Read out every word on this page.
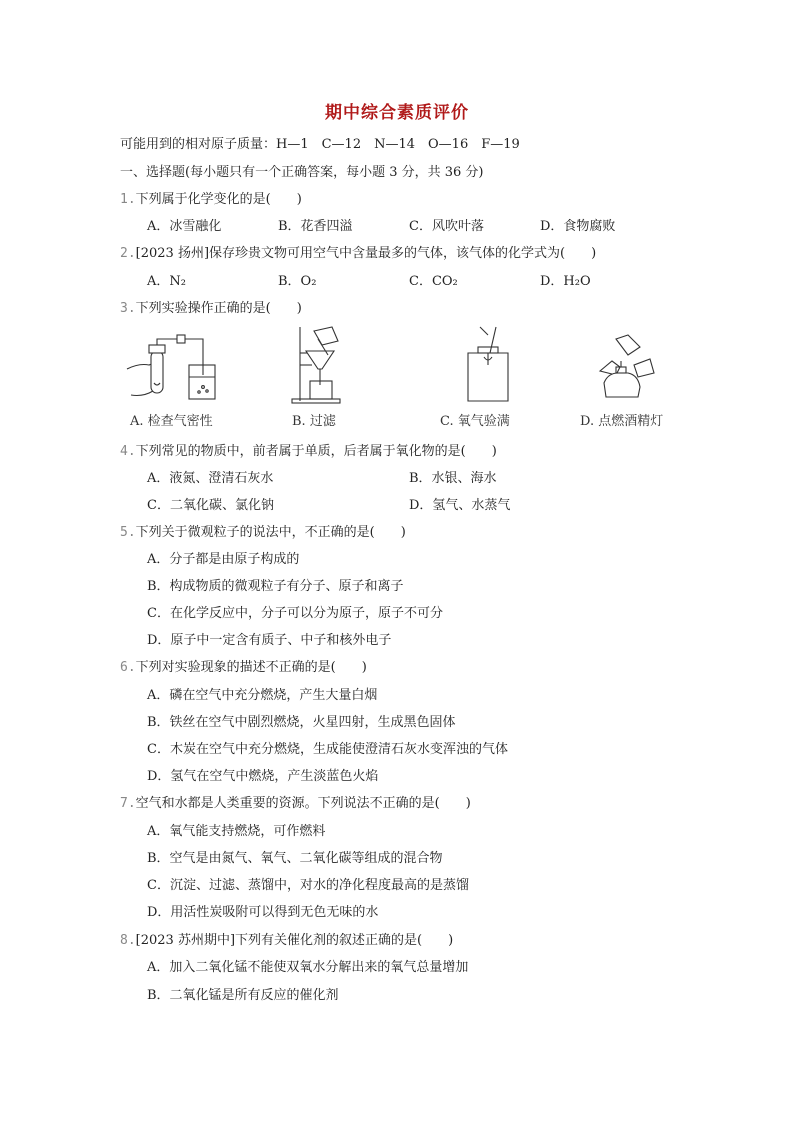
期中综合素质评价
可能用到的相对原子质量：H—1　C—12　N—14　O—16　F—19
一、选择题(每小题只有一个正确答案，每小题 3 分，共 36 分)
1.下列属于化学变化的是(　　)
A．冰雪融化	B．花香四溢	C．风吹叶落	D．食物腐败
2.[2023 扬州]保存珍贵文物可用空气中含量最多的气体，该气体的化学式为(　　)
A．N₂	B．O₂	C．CO₂	D．H₂O
3.下列实验操作正确的是(　　)
A. 检查气密性	B. 过滤	C. 氧气验满	D. 点燃酒精灯
4.下列常见的物质中，前者属于单质，后者属于氧化物的是(　　)
A．液氮、澄清石灰水	B．水银、海水
C．二氧化碳、氯化钠	D．氢气、水蒸气
5.下列关于微观粒子的说法中，不正确的是(　　)
A．分子都是由原子构成的
B．构成物质的微观粒子有分子、原子和离子
C．在化学反应中，分子可以分为原子，原子不可分
D．原子中一定含有质子、中子和核外电子
6.下列对实验现象的描述不正确的是(　　)
A．磷在空气中充分燃烧，产生大量白烟
B．铁丝在空气中剧烈燃烧，火星四射，生成黑色固体
C．木炭在空气中充分燃烧，生成能使澄清石灰水变浑浊的气体
D．氢气在空气中燃烧，产生淡蓝色火焰
7.空气和水都是人类重要的资源。下列说法不正确的是(　　)
A．氧气能支持燃烧，可作燃料
B．空气是由氮气、氧气、二氧化碳等组成的混合物
C．沉淀、过滤、蒸馏中，对水的净化程度最高的是蒸馏
D．用活性炭吸附可以得到无色无味的水
8.[2023 苏州期中]下列有关催化剂的叙述正确的是(　　)
A．加入二氧化锰不能使双氧水分解出来的氧气总量增加
B．二氧化锰是所有反应的催化剂
